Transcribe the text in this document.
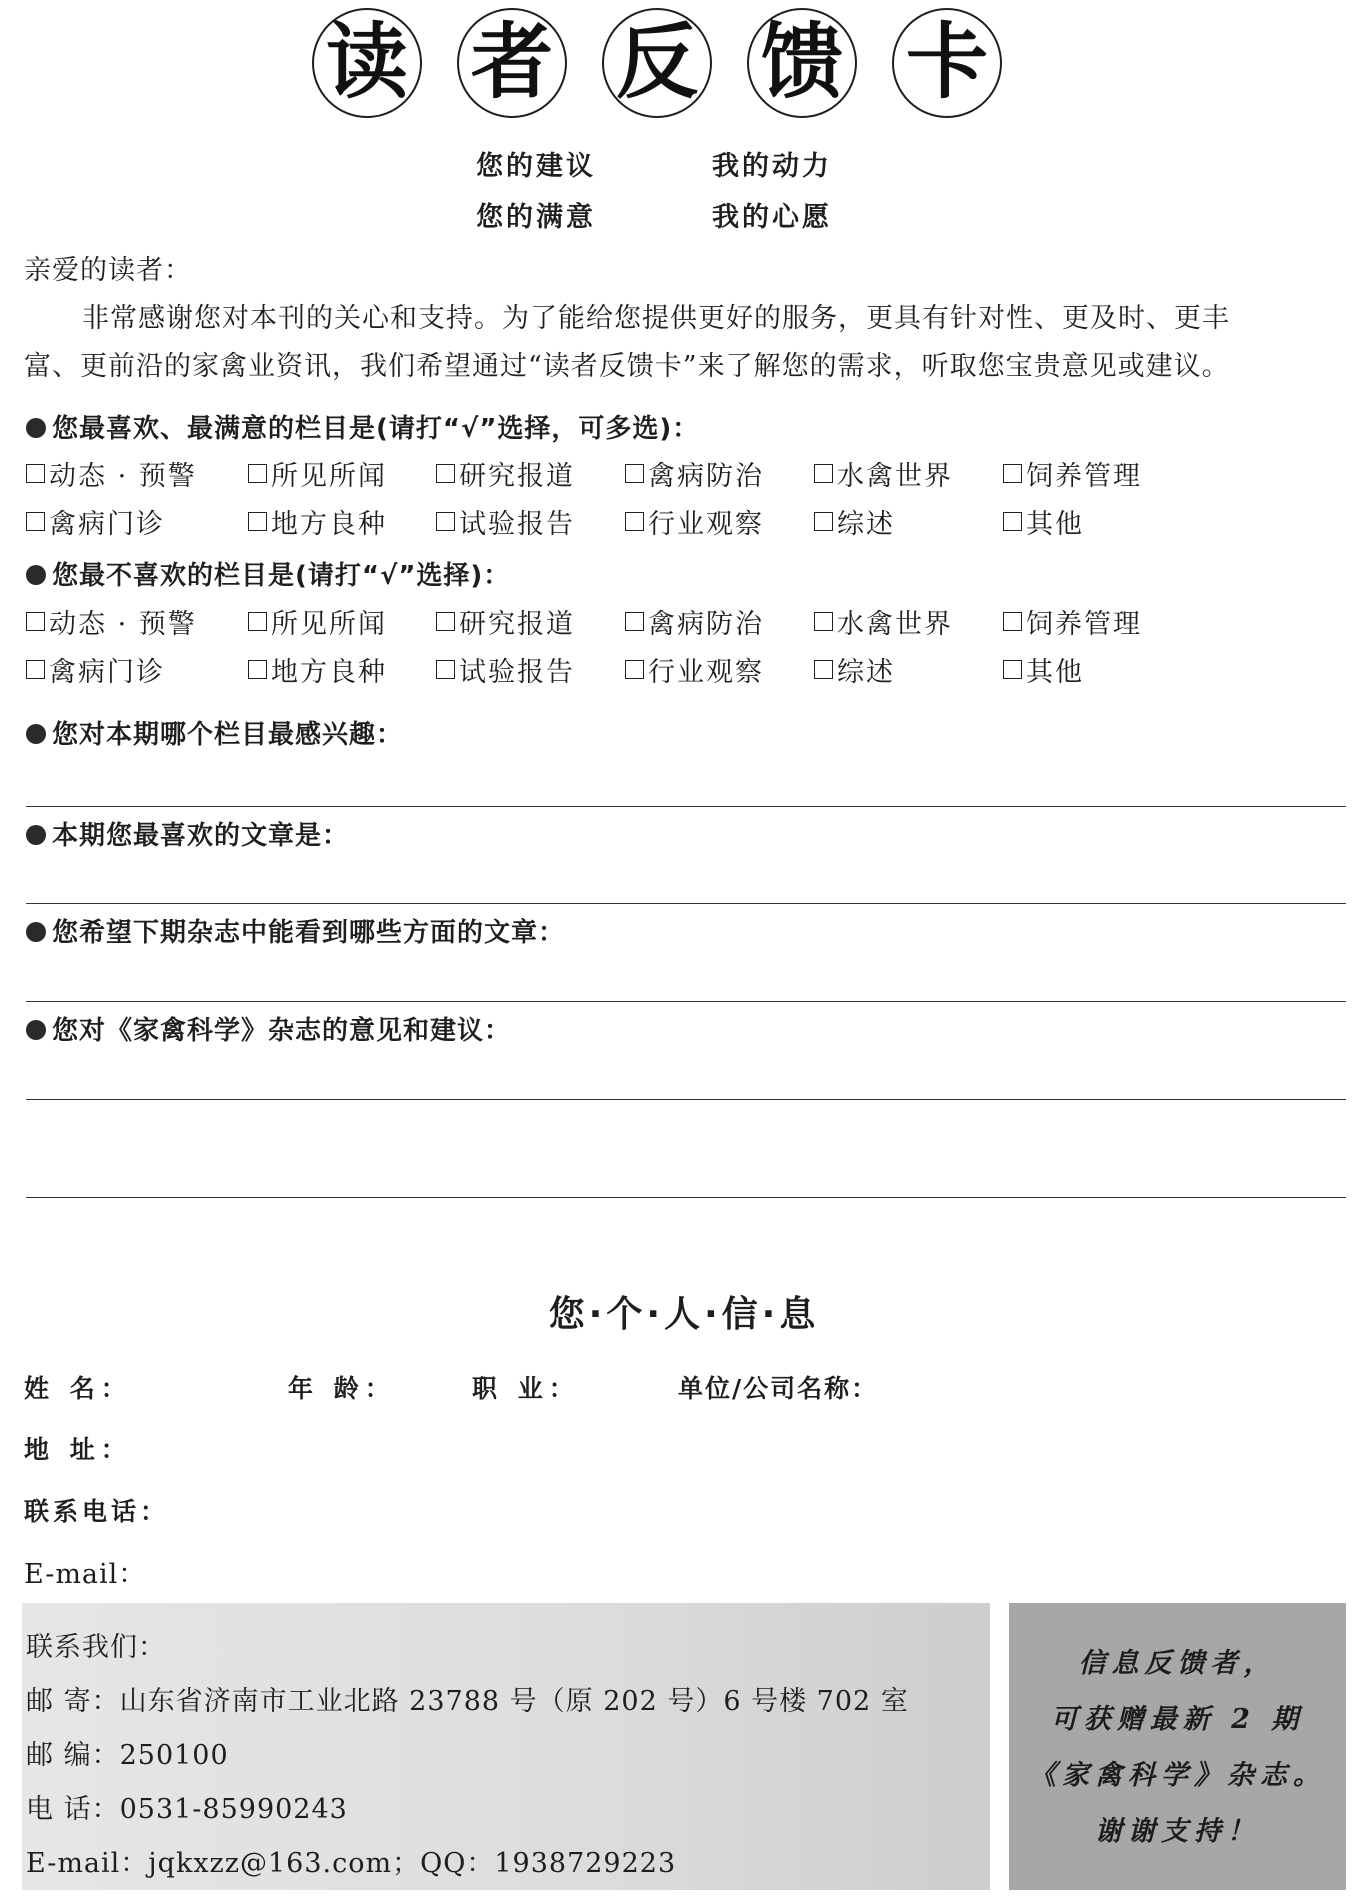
读 者 反 馈 卡
您的建议	我的动力
您的满意	我的心愿
亲爱的读者：
非常感谢您对本刊的关心和支持。为了能给您提供更好的服务，更具有针对性、更及时、更丰
富、更前沿的家禽业资讯，我们希望通过“读者反馈卡”来了解您的需求，听取您宝贵意见或建议。
您最喜欢、最满意的栏目是(请打“√”选择，可多选)：
动态 · 预警	所见所闻	研究报道	禽病防治	水禽世界	饲养管理
禽病门诊	地方良种	试验报告	行业观察	综述	其他
您最不喜欢的栏目是(请打“√”选择)：
动态 · 预警	所见所闻	研究报道	禽病防治	水禽世界	饲养管理
禽病门诊	地方良种	试验报告	行业观察	综述	其他
您对本期哪个栏目最感兴趣：
本期您最喜欢的文章是：
您希望下期杂志中能看到哪些方面的文章：
您对《家禽科学》杂志的意见和建议：
您·个·人·信·息
姓 名：	年 龄：	职 业：	单位/公司名称：
地 址：
联系电话：
E-mail：
联系我们：
邮 寄：山东省济南市工业北路 23788 号（原 202 号）6 号楼 702 室
邮 编：250100
电 话：0531-85990243
E-mail：jqkxzz@163.com；QQ：1938729223
信息反馈者，
可获赠最新 2 期
《家禽科学》杂志。
谢谢支持！
